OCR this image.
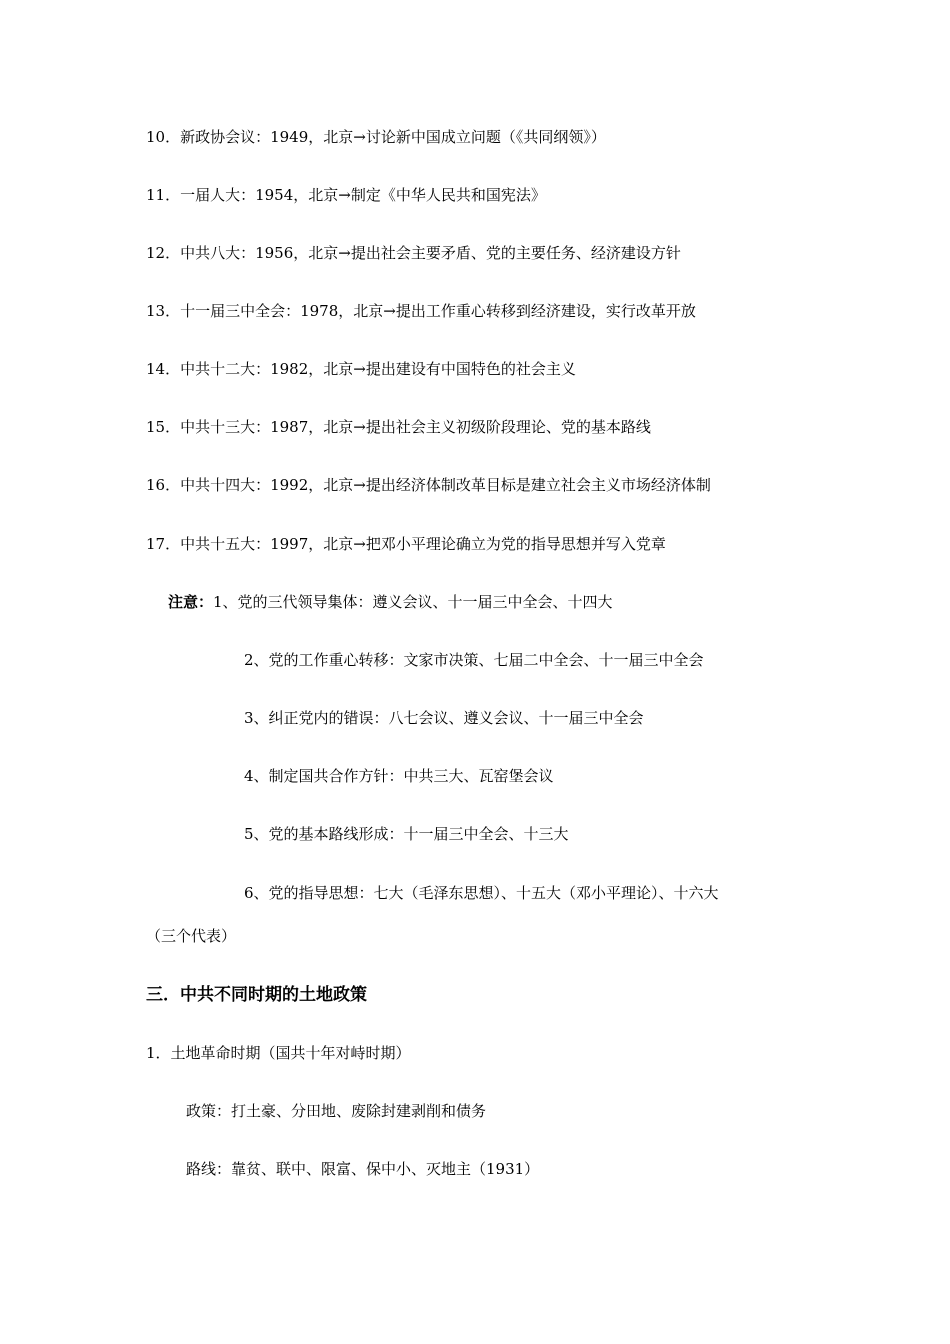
10．新政协会议：1949，北京→讨论新中国成立问题（《共同纲领》）
11．一届人大：1954，北京→制定《中华人民共和国宪法》
12．中共八大：1956，北京→提出社会主要矛盾、党的主要任务、经济建设方针
13．十一届三中全会：1978，北京→提出工作重心转移到经济建设，实行改革开放
14．中共十二大：1982，北京→提出建设有中国特色的社会主义
15．中共十三大：1987，北京→提出社会主义初级阶段理论、党的基本路线
16．中共十四大：1992，北京→提出经济体制改革目标是建立社会主义市场经济体制
17．中共十五大：1997，北京→把邓小平理论确立为党的指导思想并写入党章
注意：1、党的三代领导集体：遵义会议、十一届三中全会、十四大
2、党的工作重心转移：文家市决策、七届二中全会、十一届三中全会
3、纠正党内的错误：八七会议、遵义会议、十一届三中全会
4、制定国共合作方针：中共三大、瓦窑堡会议
5、党的基本路线形成：十一届三中全会、十三大
6、党的指导思想：七大（毛泽东思想）、十五大（邓小平理论）、十六大
（三个代表）
三．中共不同时期的土地政策
1．土地革命时期（国共十年对峙时期）
政策：打土豪、分田地、废除封建剥削和债务
路线：靠贫、联中、限富、保中小、灭地主（1931）
